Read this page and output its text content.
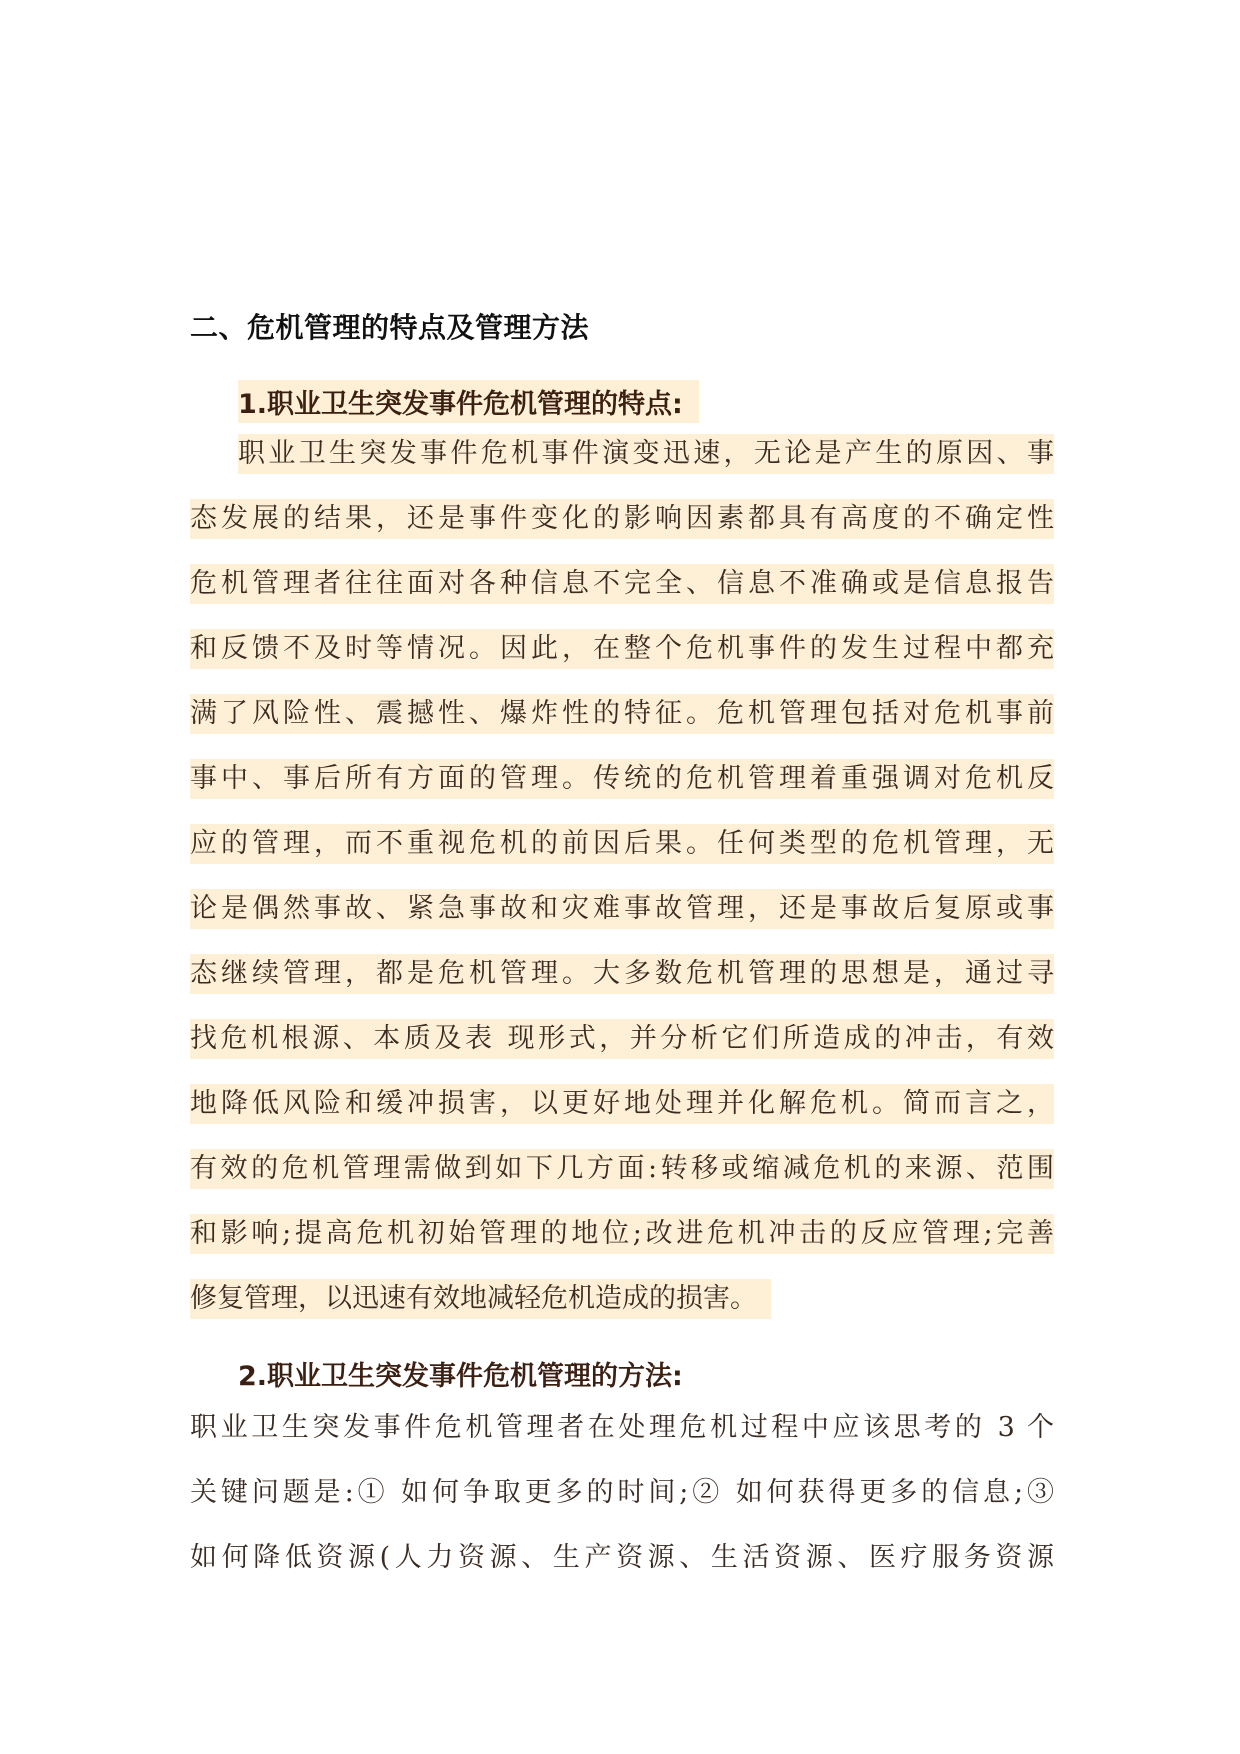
二、危机管理的特点及管理方法
1.职业卫生突发事件危机管理的特点:
职业卫生突发事件危机事件演变迅速，无论是产生的原因、事
态发展的结果，还是事件变化的影响因素都具有高度的不确定性
危机管理者往往面对各种信息不完全、信息不准确或是信息报告
和反馈不及时等情况。因此，在整个危机事件的发生过程中都充
满了风险性、震撼性、爆炸性的特征。危机管理包括对危机事前
事中、事后所有方面的管理。传统的危机管理着重强调对危机反
应的管理，而不重视危机的前因后果。任何类型的危机管理，无
论是偶然事故、紧急事故和灾难事故管理，还是事故后复原或事
态继续管理，都是危机管理。大多数危机管理的思想是，通过寻
找危机根源、本质及表 现形式，并分析它们所造成的冲击，有效
地降低风险和缓冲损害，以更好地处理并化解危机。简而言之，
有效的危机管理需做到如下几方面:转移或缩减危机的来源、范围
和影响;提高危机初始管理的地位;改进危机冲击的反应管理;完善
修复管理，以迅速有效地减轻危机造成的损害。
2.职业卫生突发事件危机管理的方法:
职业卫生突发事件危机管理者在处理危机过程中应该思考的 3 个
关键问题是:① 如何争取更多的时间;② 如何获得更多的信息;③
如何降低资源(人力资源、生产资源、生活资源、医疗服务资源
